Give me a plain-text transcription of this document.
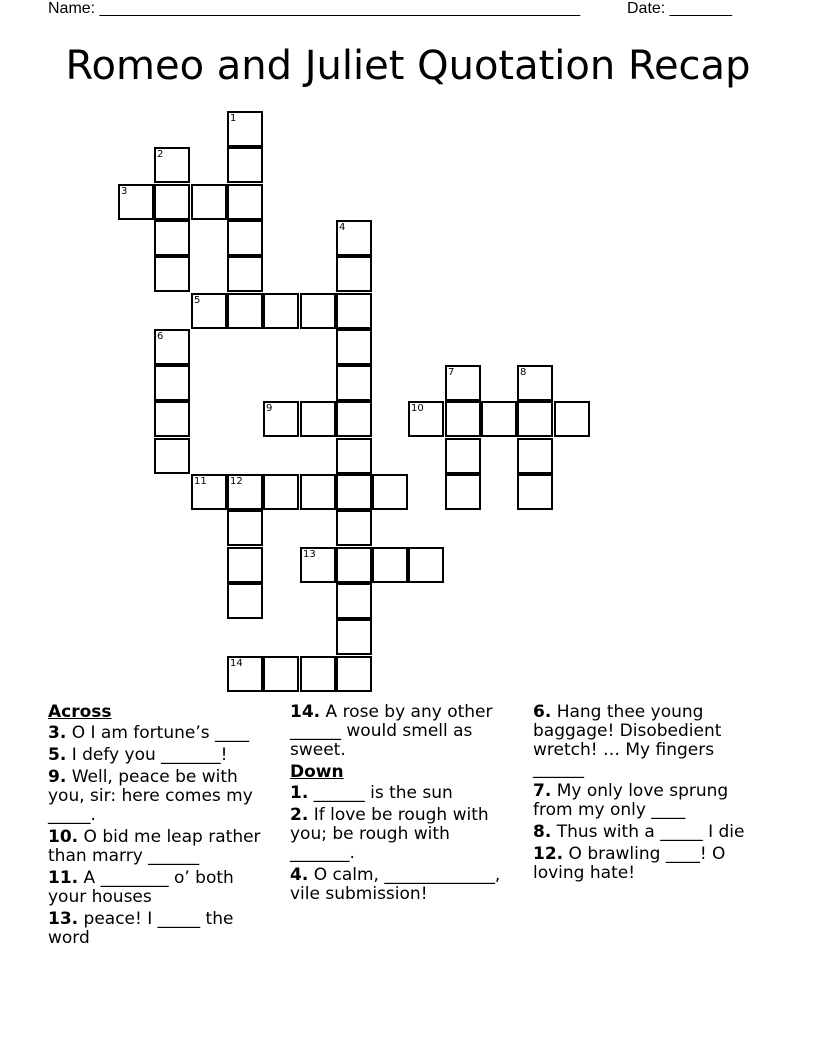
Name: ______________________________________________________	Date: _______
Romeo and Juliet Quotation Recap
1
2
3
4
5
6
7	8
9	10
11 12
13
14
Across
3. O I am fortune’s ____
5. I defy you _______!
9. Well, peace be with you, sir: here comes my _____.
10. O bid me leap rather than marry ______
11. A ________ o’ both your houses
13. peace! I _____ the word
14. A rose by any other ______ would smell as sweet.
Down
1. ______ is the sun
2. If love be rough with you; be rough with _______.
4. O calm, _____________, vile submission!
6. Hang thee young baggage! Disobedient wretch! … My fingers ______
7. My only love sprung from my only ____
8. Thus with a _____ I die
12. O brawling ____! O loving hate!
